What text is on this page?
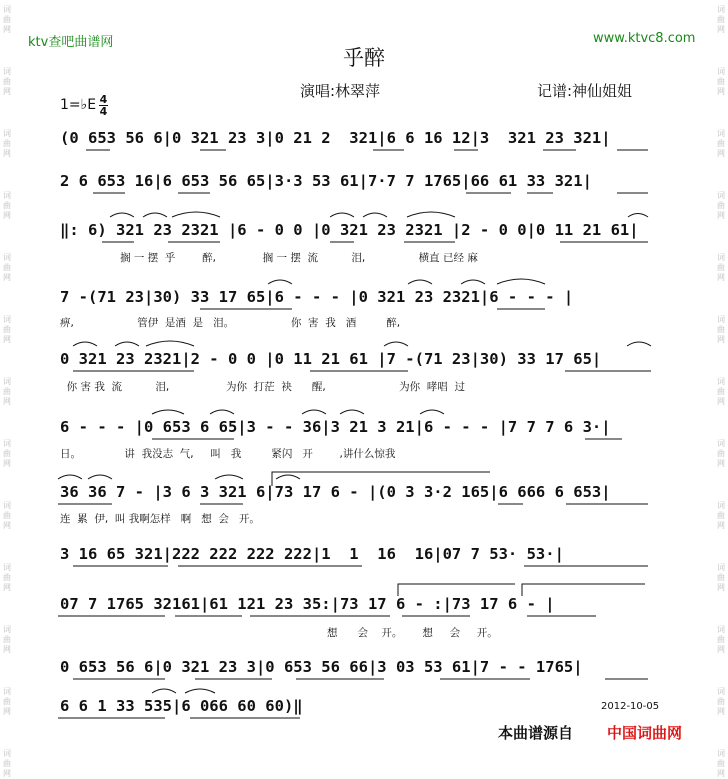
词曲网
词曲网
词曲网
词曲网
词曲网
词曲网
词曲网
词曲网
词曲网
词曲网
词曲网
词曲网
词曲网
词曲网
词曲网
词曲网
词曲网
词曲网
词曲网
词曲网
词曲网
词曲网
词曲网
词曲网
词曲网
词曲网
ktv查吧曲谱网	www.ktvc8.com
乎醉
演唱:林翠萍	记谱:神仙姐姐
1=♭E 4
4
(0 653 56 6|0 321 23 3|0 21 2  321|6 6 16 12|3  321 23 321|
2 6 653 16|6 653 56 65|3·3 53 61|7·7 7 1765|66 61 33 321|
‖: 6) 321 23 2321 |6 - 0 0 |0 321 23 2321 |2 - 0 0|0 11 21 61|
搁 一 摆  乎        醉,              搁 一 摆  流          泪,                横直 已经 麻
7 -(71 23|30) 33 17 65|6 - - - |0 321 23 2321|6 - - - |
痹,                   管伊  是酒  是   泪。                 你  害  我   酒         醉,
0 321 23 2321|2 - 0 0 |0 11 21 61 |7 -(71 23|30) 33 17 65|
你 害 我  流          泪,                 为你  打茫  袂      醒,                      为你  哮唱  过
6 - - - |0 653 6 65|3 - - 36|3 21 3 21|6 - - - |7 7 7 6 3·|
日。             讲  我没志  气,     叫   我         紧闪   开        ,讲什么惊我
36 36 7 - |3 6 3 321 6|73 17 6 - |(0 3 3·2 165|6 666 6 653|
连  累  伊,  叫 我啊怎样   啊   想  会   开。
3 16 65 321|222 222 222 222|1  1  16  16|07 7 53· 53·|
07 7 1765 32161|61 121 23 35:|73 17 6 - :|73 17 6 - |
想      会    开。      想     会     开。
0 653 56 6|0 321 23 3|0 653 56 66|3 03 53 61|7 - - 1765|
6 6 1 33 535|6 066 60 60)‖	2012-10-05
本曲谱源自 中国词曲网
